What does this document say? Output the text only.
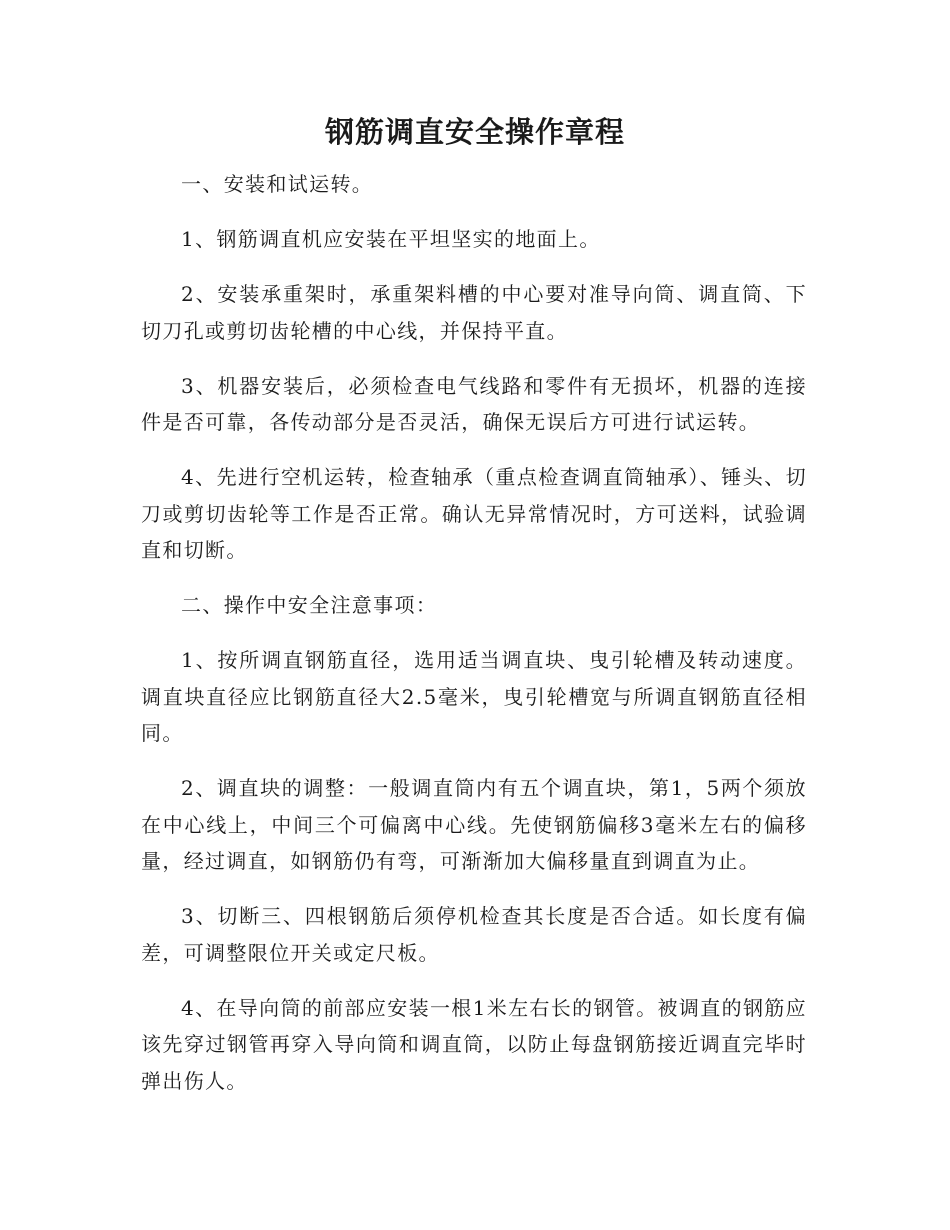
钢筋调直安全操作章程

一、安装和试运转。

1、钢筋调直机应安装在平坦坚实的地面上。

2、安装承重架时，承重架料槽的中心要对准导向筒、调直筒、下切刀孔或剪切齿轮槽的中心线，并保持平直。

3、机器安装后，必须检查电气线路和零件有无损坏，机器的连接件是否可靠，各传动部分是否灵活，确保无误后方可进行试运转。

4、先进行空机运转，检查轴承（重点检查调直筒轴承）、锤头、切刀或剪切齿轮等工作是否正常。确认无异常情况时，方可送料，试验调直和切断。

二、操作中安全注意事项：

1、按所调直钢筋直径，选用适当调直块、曳引轮槽及转动速度。调直块直径应比钢筋直径大2.5毫米，曳引轮槽宽与所调直钢筋直径相同。

2、调直块的调整：一般调直筒内有五个调直块，第1，5两个须放在中心线上，中间三个可偏离中心线。先使钢筋偏移3毫米左右的偏移量，经过调直，如钢筋仍有弯，可渐渐加大偏移量直到调直为止。

3、切断三、四根钢筋后须停机检查其长度是否合适。如长度有偏差，可调整限位开关或定尺板。

4、在导向筒的前部应安装一根1米左右长的钢管。被调直的钢筋应该先穿过钢管再穿入导向筒和调直筒，以防止每盘钢筋接近调直完毕时弹出伤人。
